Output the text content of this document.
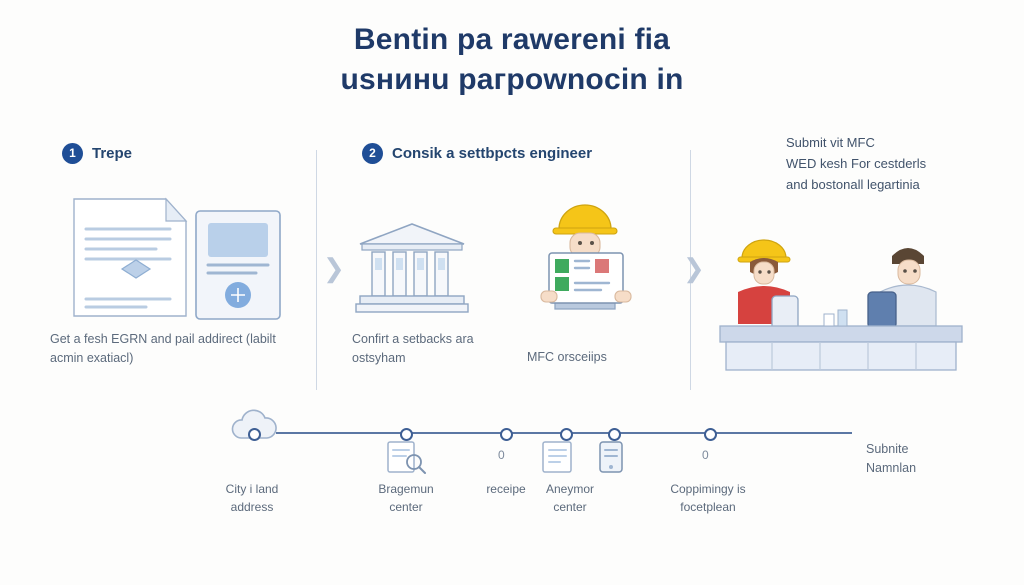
Bentin pa rawereni fia
usнинu paгpownocin in
❯	❯
1	Trepe
Get a fesh EGRN and pail addirect (labilt acmin exatiacl)
2	Consik a settbpcts engineer
Confirt a setbacks ara ostsyham	MFC orsceiips
Submit vit MFC
WED kesh For cestderls
and bostonall legartinia
Subnite
Namnlan
0	0
City i land
address
Bragemun
center
receipe	Aneymor
center
Coppimingy is
focetplean
